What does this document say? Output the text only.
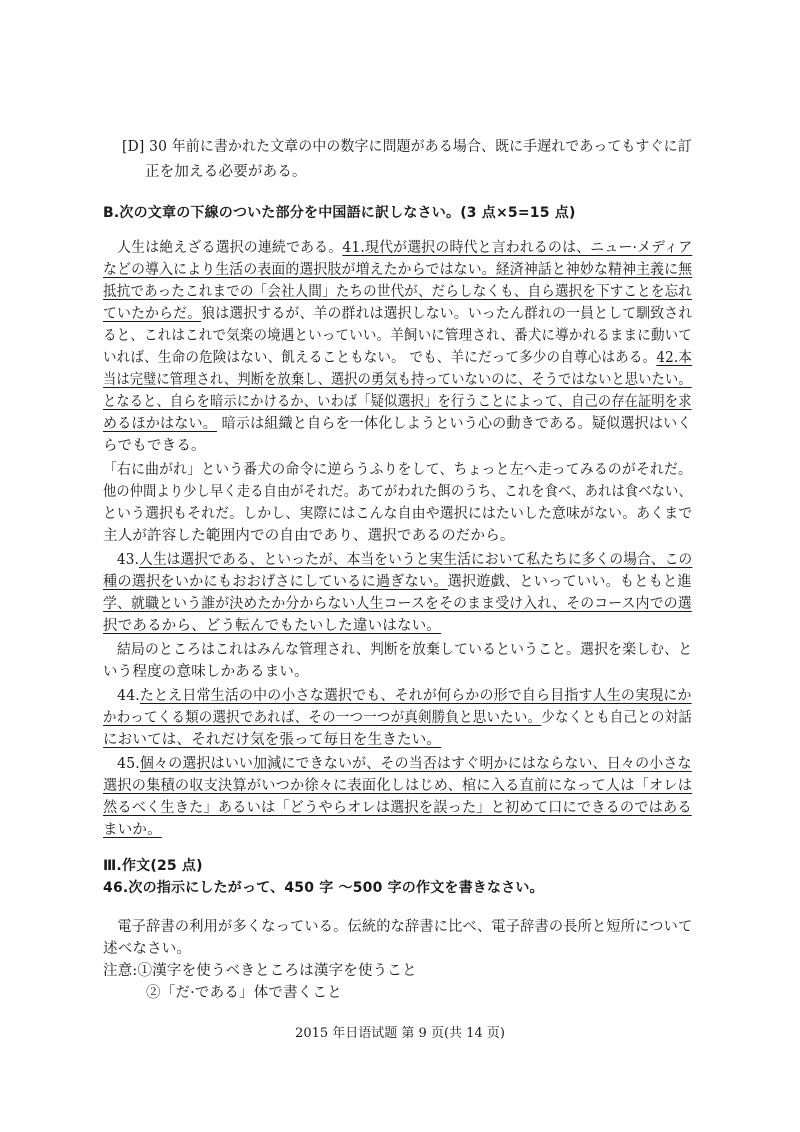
[D] 30 年前に書かれた文章の中の数字に問題がある場合、既に手遅れであってもすぐに訂
正を加える必要がある。
B.次の文章の下線のついた部分を中国語に訳しなさい。(3 点×5=15 点)
　人生は絶えざる選択の連続である。41.現代が選択の時代と言われるのは、ニュー·メディア
などの導入により生活の表面的選択肢が増えたからではない。経済神話と神妙な精神主義に無
抵抗であったこれまでの「会社人間」たちの世代が、だらしなくも、自ら選択を下すことを忘れ
ていたからだ。狼は選択するが、羊の群れは選択しない。いったん群れの一員として馴致され
ると、これはこれで気楽の境遇といっていい。羊飼いに管理され、番犬に導かれるままに動いて
いれば、生命の危険はない、飢えることもない。 でも、羊にだって多少の自尊心はある。42.本
当は完璧に管理され、判断を放棄し、選択の勇気も持っていないのに、そうではないと思いたい。
となると、自らを暗示にかけるか、いわば「疑似選択」を行うことによって、自己の存在証明を求
めるほかはない。 暗示は組織と自らを一体化しようという心の動きである。疑似選択はいく
らでもできる。
「右に曲がれ」という番犬の命令に逆らうふりをして、ちょっと左へ走ってみるのがそれだ。
他の仲間より少し早く走る自由がそれだ。あてがわれた餌のうち、これを食べ、あれは食べない、
という選択もそれだ。しかし、実際にはこんな自由や選択にはたいした意味がない。あくまで
主人が許容した範囲内での自由であり、選択であるのだから。
　43.人生は選択である、といったが、本当をいうと実生活において私たちに多くの場合、この
種の選択をいかにもおおげさにしているに過ぎない。選択遊戯、といっていい。もともと進
学、就職という誰が決めたか分からない人生コースをそのまま受け入れ、そのコース内での選
択であるから、どう転んでもたいした違いはない。
　結局のところはこれはみんな管理され、判断を放棄しているということ。選択を楽しむ、と
いう程度の意味しかあるまい。
　44.たとえ日常生活の中の小さな選択でも、それが何らかの形で自ら目指す人生の実現にか
かわってくる類の選択であれば、その一つ一つが真剣勝負と思いたい。少なくとも自己との対話
においては、それだけ気を張って毎日を生きたい。
　45.個々の選択はいい加減にできないが、その当否はすぐ明かにはならない、日々の小さな
選択の集積の収支決算がいつか徐々に表面化しはじめ、棺に入る直前になって人は「オレは
然るべく生きた」あるいは「どうやらオレは選択を誤った」と初めて口にできるのではある
まいか。
Ⅲ.作文(25 点)
46.次の指示にしたがって、450 字 ～500 字の作文を書きなさい。
　電子辞書の利用が多くなっている。伝統的な辞書に比べ、電子辞書の長所と短所について
述べなさい。
注意:①漢字を使うべきところは漢字を使うこと
②「だ·である」体で書くこと
2015 年日语试题 第 9 页(共 14 页)
